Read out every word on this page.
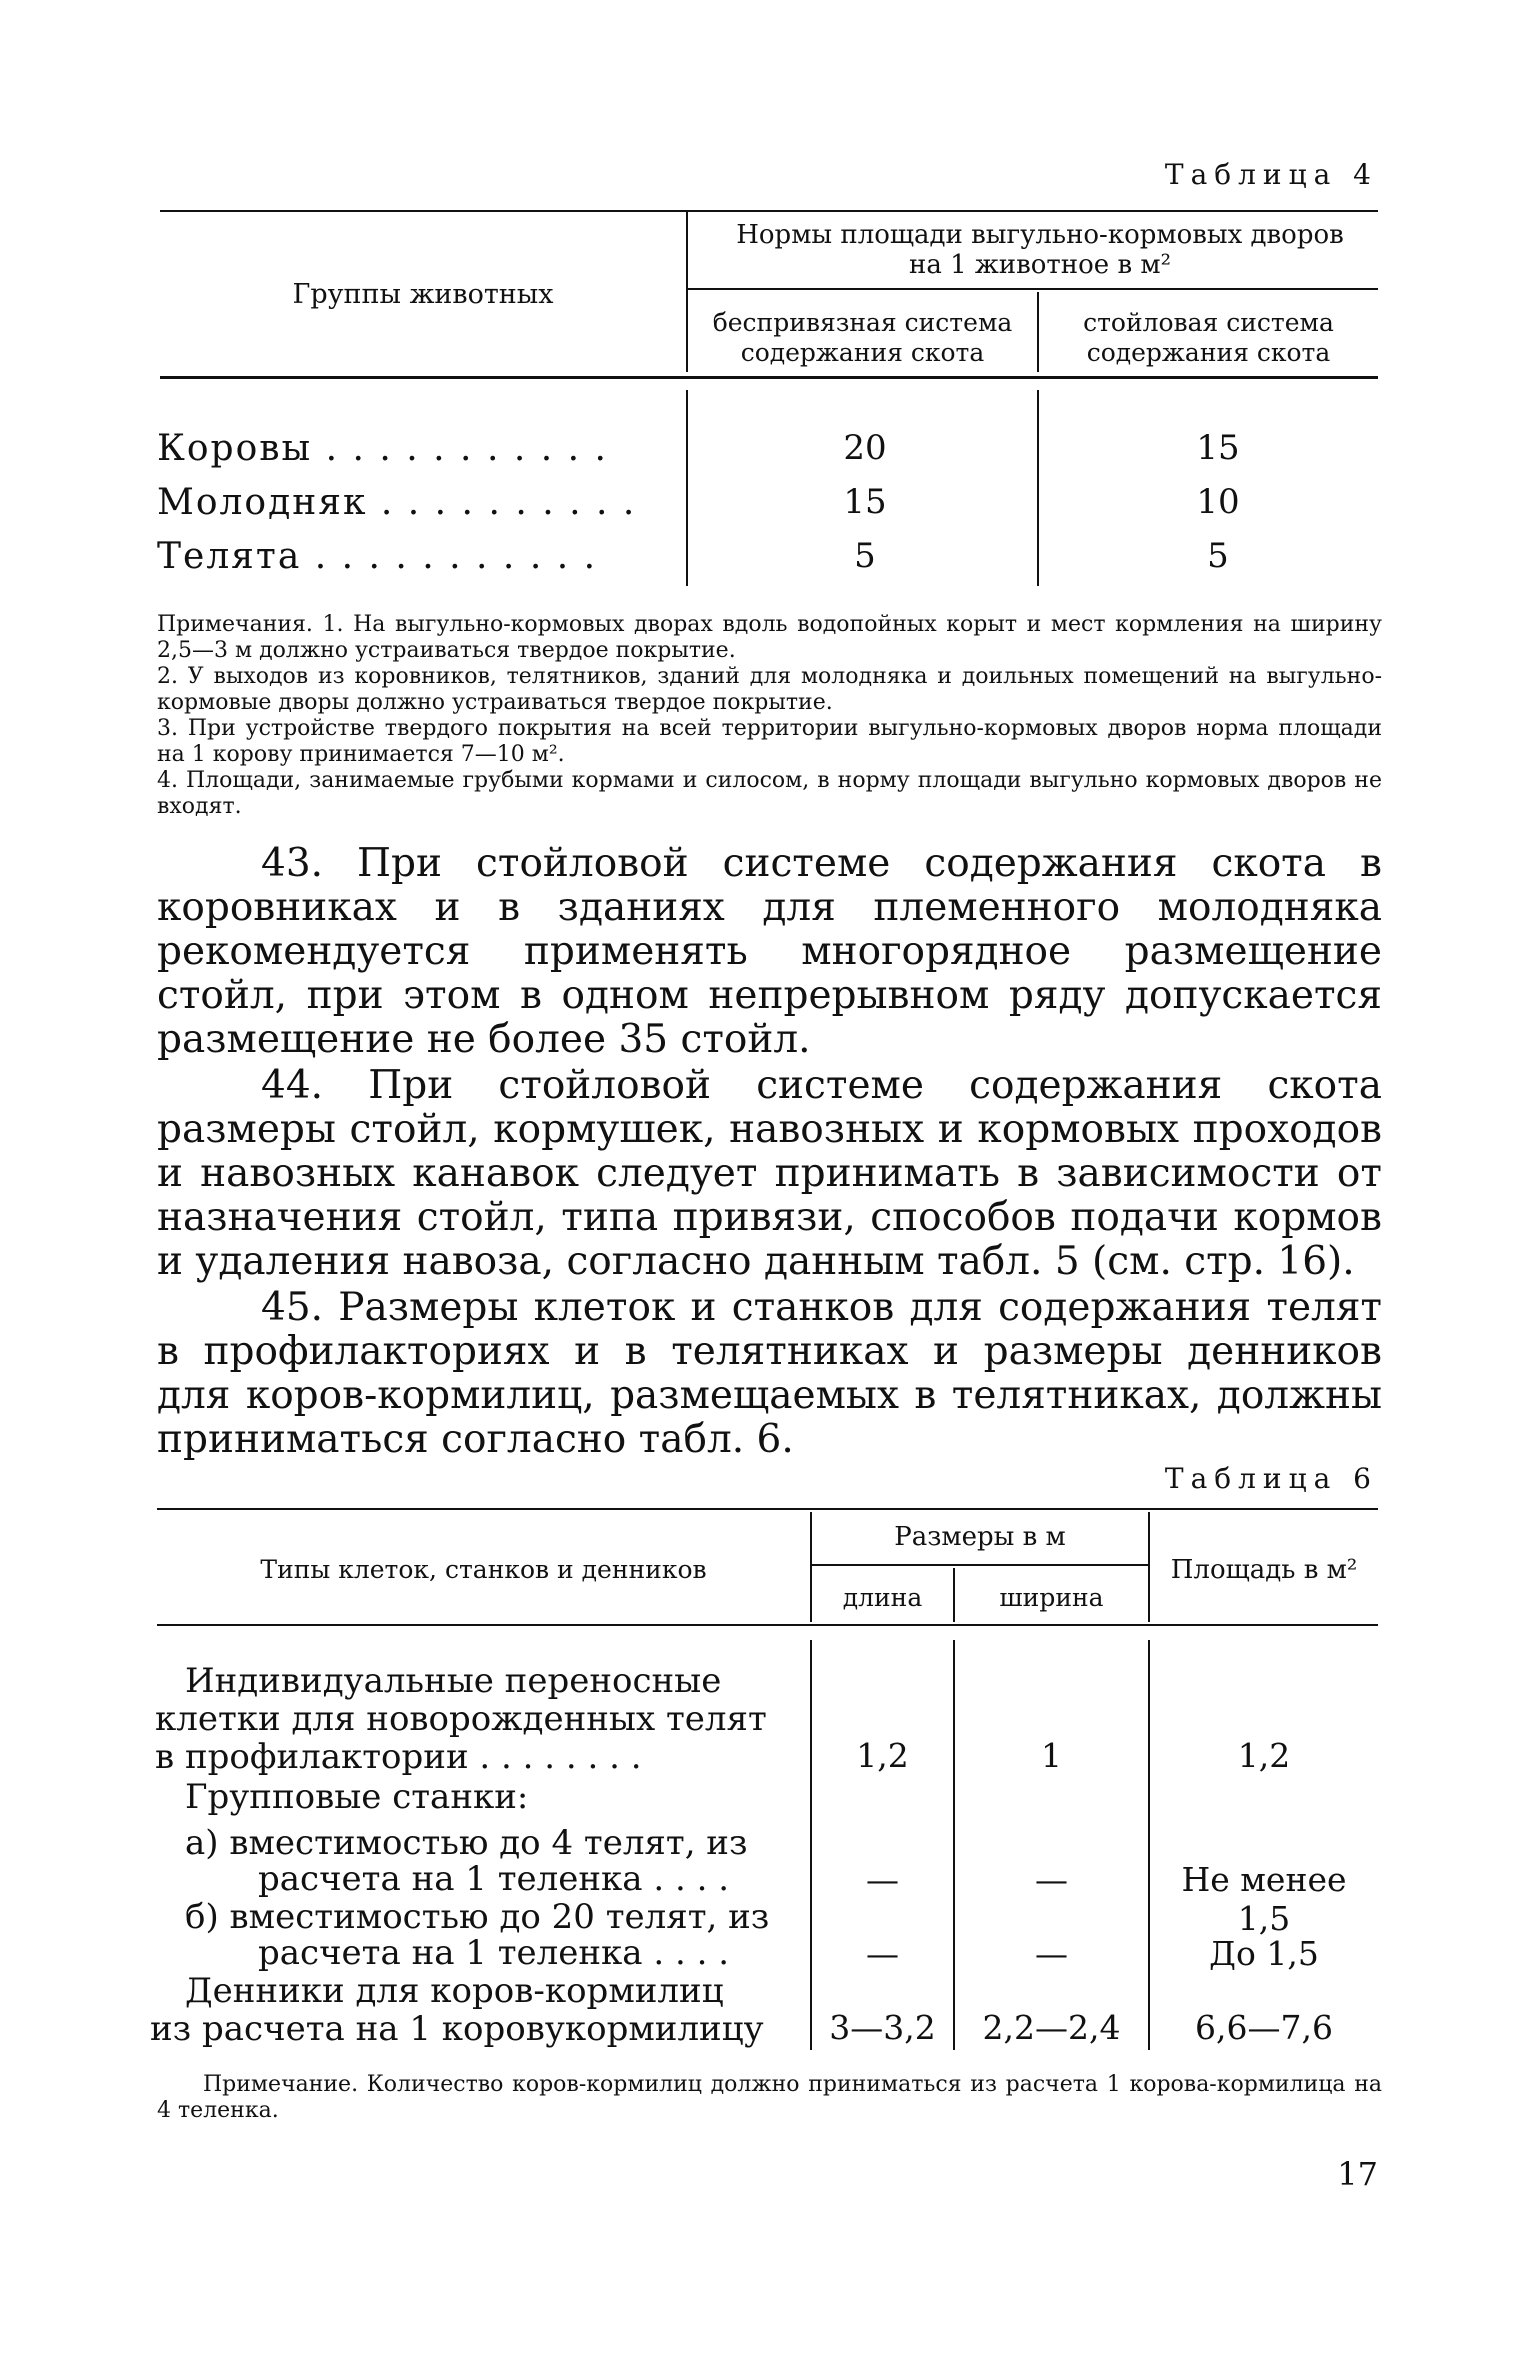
Таблица 4
Группы животных
Нормы площади выгульно-кормовых дворов на 1 животное в м²
беспривязная система содержания скота
стойловая система содержания скота
Коровы . . . . . . . . . . .	20	15
Молодняк . . . . . . . . . .	15	10
Телята . . . . . . . . . . .	5	5
Примечания. 1. На выгульно-кормовых дворах вдоль водопойных корыт и мест кормления на ширину 2,5—3 м должно устраиваться твердое покрытие.
2. У выходов из коровников, телятников, зданий для молодняка и доильных помещений на выгульно-кормовые дворы должно устраиваться твердое покрытие.
3. При устройстве твердого покрытия на всей территории выгульно-кормовых дворов норма площади на 1 корову принимается 7—10 м².
4. Площади, занимаемые грубыми кормами и силосом, в норму площади выгульно кормовых дворов не входят.
43. При стойловой системе содержания скота в коровниках и в зданиях для племенного молодняка рекомендуется применять многорядное размещение стойл, при этом в одном непрерывном ряду допускается размещение не более 35 стойл.
44. При стойловой системе содержания скота размеры стойл, кормушек, навозных и кормовых проходов и навозных канавок следует принимать в зависимости от назначения стойл, типа привязи, способов подачи кормов и удаления навоза, согласно данным табл. 5 (см. стр. 16).
45. Размеры клеток и станков для содержания телят в профилакториях и в телятниках и размеры денников для коров-кормилиц, размещаемых в телятниках, должны приниматься согласно табл. 6.
Таблица 6
Типы клеток, станков и денников
Размеры в м
длина	ширина
Площадь в м²
Индивидуальные переносные
клетки для новорожденных телят
в профилактории . . . . . . . .	1,2	1	1,2
Групповые станки:
а) вместимостью до 4 телят, из
расчета на 1 теленка . . . .	—	—	Не менее 1,5
б) вместимостью до 20 телят, из
расчета на 1 теленка . . . .	—	—	До 1,5
Денники для коров-кормилиц
из расчета на 1 коровукормилицу	3—3,2	2,2—2,4	6,6—7,6
Примечание. Количество коров-кормилиц должно приниматься из расчета 1 корова-кормилица на 4 теленка.
17
